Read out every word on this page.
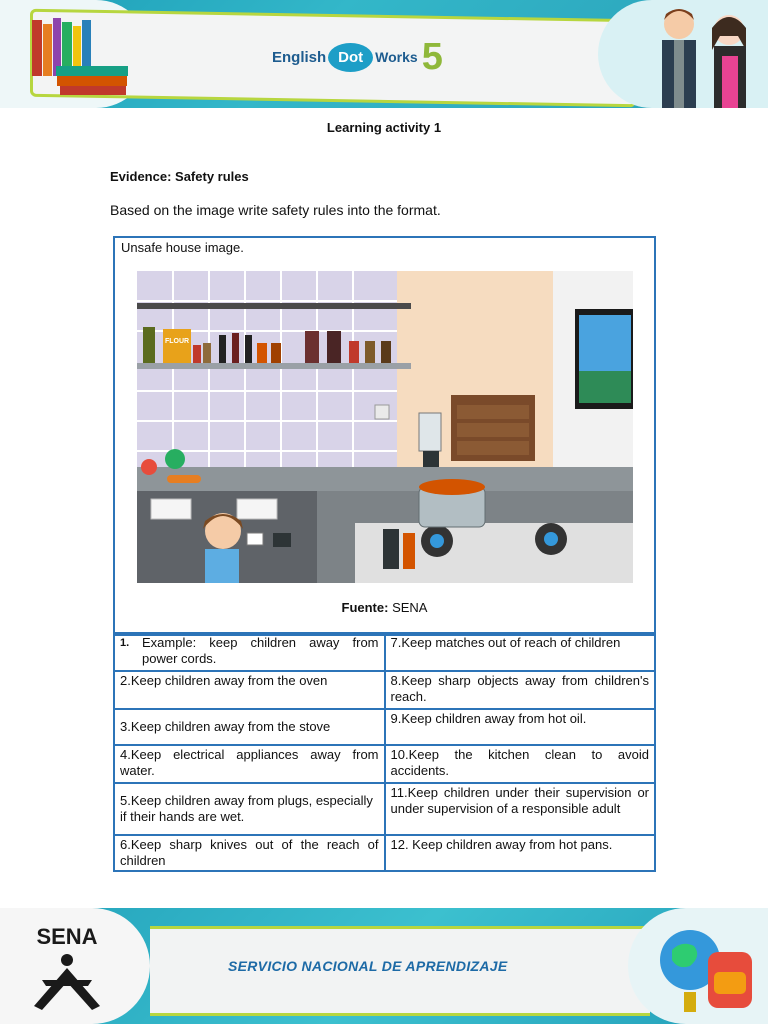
English Dot Works 5
Learning activity 1
Evidence: Safety rules
Based on the image write safety rules into the format.
Unsafe house image.
FLOUR
Fuente: SENA
1. Example: keep children away from power cords.	7.Keep matches out of reach of children
2.Keep children away from the oven	8.Keep sharp objects away from children's reach.
3.Keep children away from the stove	9.Keep children away from hot oil.
4.Keep electrical appliances away from water.	10.Keep the kitchen clean to avoid accidents.
5.Keep children away from plugs, especially if their hands are wet.	11.Keep children under their supervision or under supervision of a responsible adult
6.Keep sharp knives out of the reach of children	12. Keep children away from hot pans.
SENA
SERVICIO NACIONAL DE APRENDIZAJE
